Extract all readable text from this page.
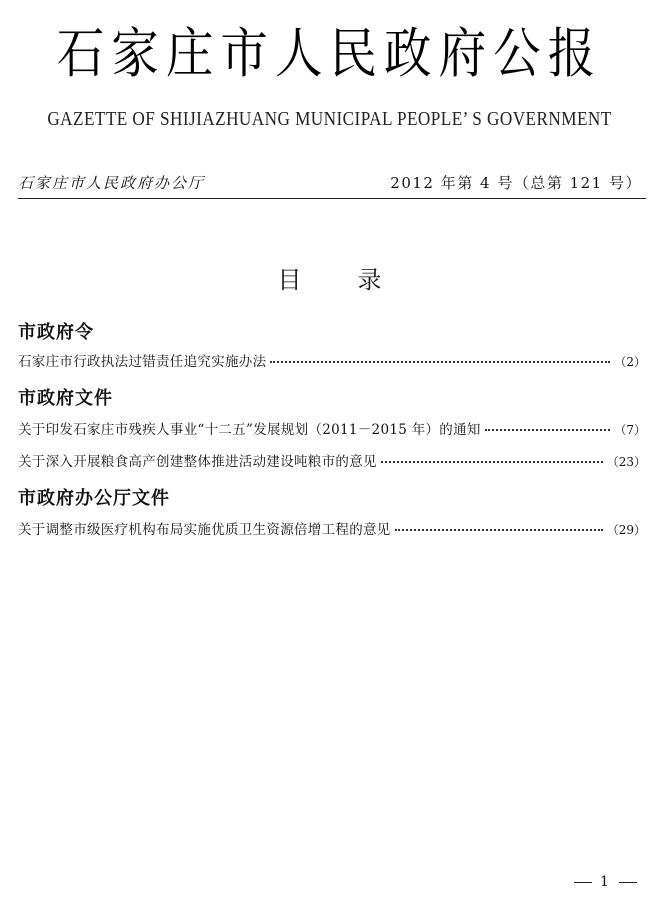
石家庄市人民政府公报
GAZETTE OF SHIJIAZHUANG MUNICIPAL PEOPLE’ S GOVERNMENT
石家庄市人民政府办公厅	2012 年第 4 号（总第 121 号）
目录
市政府令
石家庄市行政执法过错责任追究实施办法	（2）
市政府文件
关于印发石家庄市残疾人事业“十二五”发展规划（2011－2015 年）的通知	（7）
关于深入开展粮食高产创建整体推进活动建设吨粮市的意见	（23）
市政府办公厅文件
关于调整市级医疗机构布局实施优质卫生资源倍增工程的意见	（29）
1
